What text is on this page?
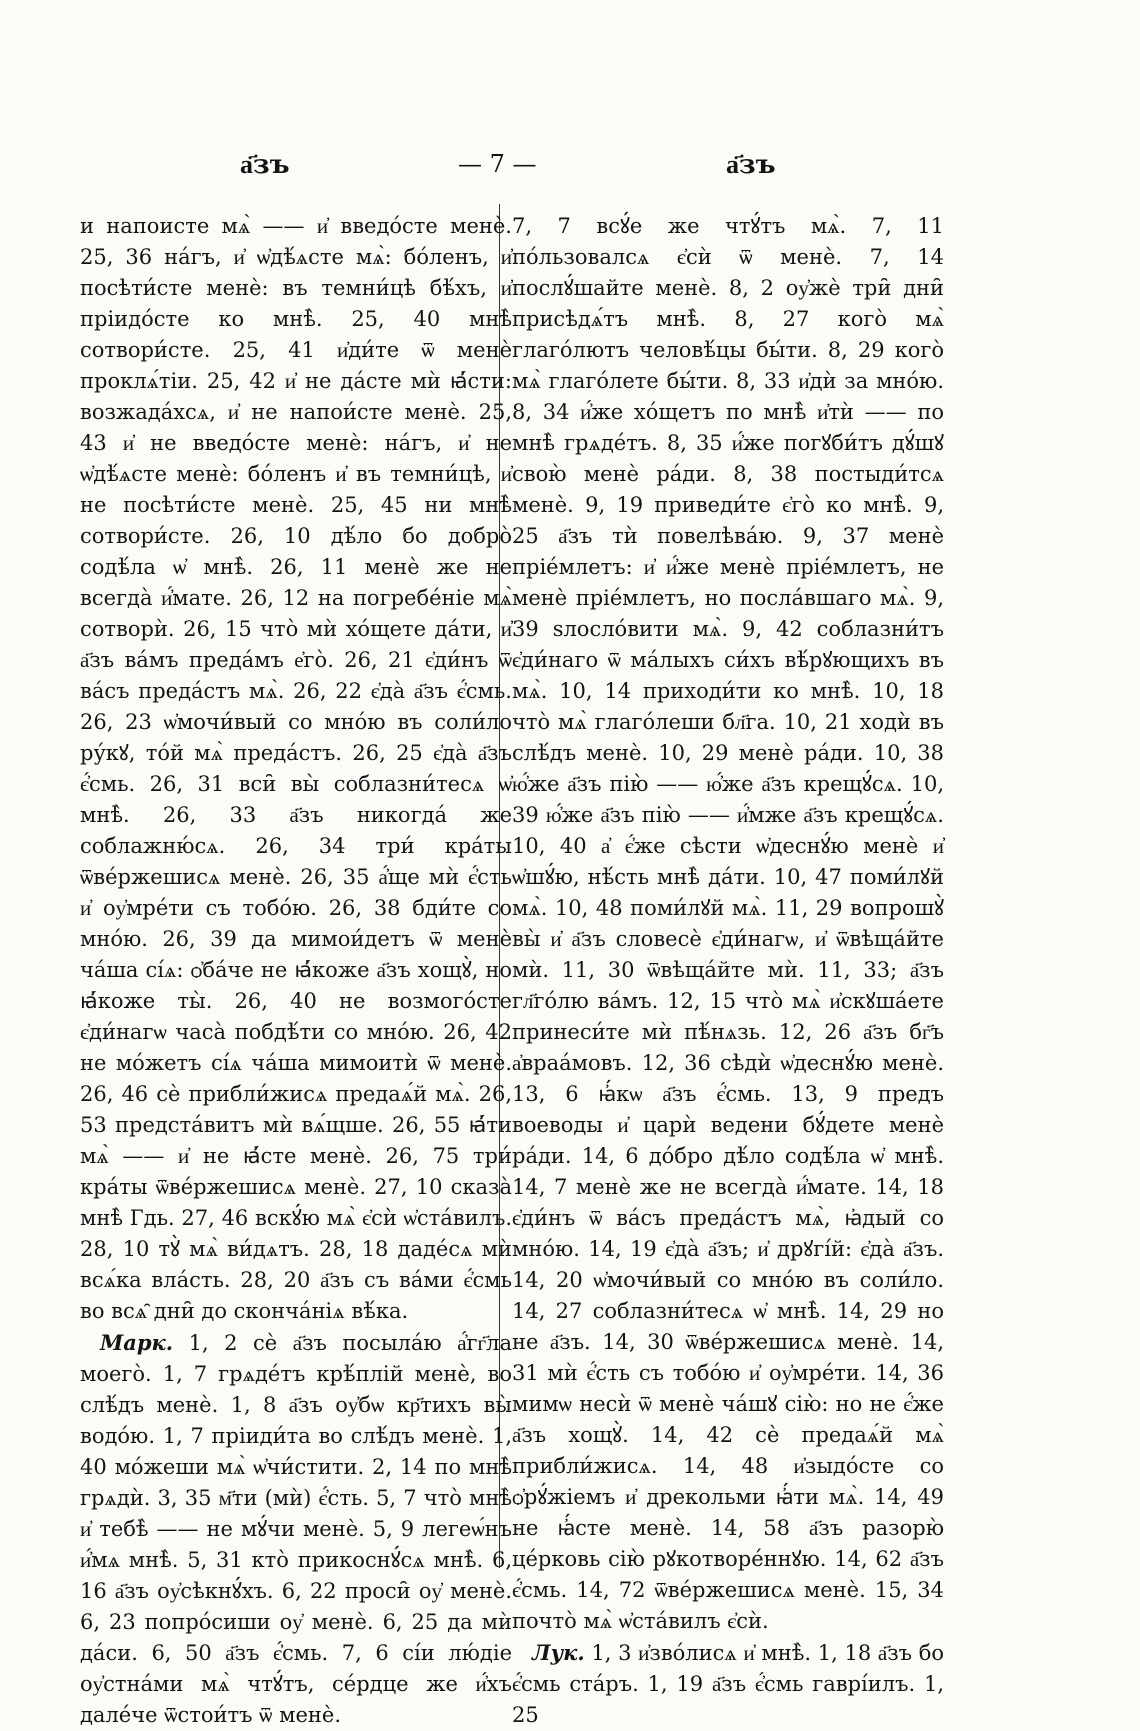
а҃зъ	— 7 —	а҃зъ

и напоисте мѧ̀ —— и҆ введо́сте менѐ. 25, 36 на́гъ, и҆ ѡ҆дѣ́ѧсте мѧ̀: бо́ленъ, и҆ посѣти́сте менѐ: въ темни́цѣ бѣ́хъ, и҆ пріидо́сте ко мнѣ̀. 25, 40 мнѣ̀ сотвори́сте. 25, 41 и҆ди́те ѿ менѐ проклѧ́тіи. 25, 42 и҆ не да́сте мѝ ꙗ҆́сти: возжада́хсѧ, и҆ не напои́сте менѐ. 25, 43 и҆ не введо́сте менѐ: на́гъ, и҆ не ѡ҆дѣ́ѧсте менѐ: бо́ленъ и҆ въ темни́цѣ, и҆ не посѣти́сте менѐ. 25, 45 ни мнѣ̀ сотвори́сте. 26, 10 дѣ́ло бо добро̀ содѣ́ла ѡ҆ мнѣ̀. 26, 11 менѐ же не всегда̀ и҆́мате. 26, 12 на погребе́ніе мѧ̀ сотворѝ. 26, 15 что̀ мѝ хо́щете да́ти, и҆ а҃зъ ва́мъ преда́мъ е҆го̀. 26, 21 є҆ди́нъ ѿ ва́съ преда́стъ мѧ̀. 26, 22 є҆да̀ а҃зъ є҆́смь. 26, 23 ѡ҆мочи́вый со мно́ю въ соли́ло ру́кꙋ, то́й мѧ̀ преда́стъ. 26, 25 є҆да̀ а҃зъ є҆́смь. 26, 31 вси̑ вы̀ соблазни́тесѧ ѡ҆ мнѣ̀. 26, 33 а҃зъ никогда́ же соблажню́сѧ. 26, 34 три́ кра́ты ѿве́ржешисѧ менѐ. 26, 35 а҆́ще мѝ є҆́сть и҆ оу҆мре́ти съ тобо́ю. 26, 38 бди́те со мно́ю. 26, 39 да мимои́детъ ѿ менѐ ча́ша сі́ѧ: ѻ҆ба́че не ꙗ҆́коже а҃зъ хощꙋ̀, но ꙗ҆́коже ты̀. 26, 40 не возмого́сте є҆ди́нагѡ часа̀ побдѣ́ти со мно́ю. 26, 42 не мо́жетъ сі́ѧ ча́ша мимоитѝ ѿ менѐ. 26, 46 сѐ прибли́жисѧ предаѧ́й мѧ̀. 26, 53 предста́витъ мѝ вѧ́щше. 26, 55 ꙗ҆́ти мѧ̀ —— и҆ не ꙗ҆́сте менѐ. 26, 75 три́ кра́ты ѿве́ржешисѧ менѐ. 27, 10 сказа̀ мнѣ̀ Гдь. 27, 46 вскꙋ́ю мѧ̀ є҆сѝ ѡ҆ста́вилъ. 28, 10 тꙋ̀ мѧ̀ ви́дѧтъ. 28, 18 даде́сѧ мѝ всѧ́ка вла́сть. 28, 20 а҃зъ съ ва́ми є҆́смь во всѧ̑ дни̑ до сконча́ніѧ вѣ́ка.

Марк. 1, 2 сѐ а҃зъ посыла́ю а҆́гг҃ла моего̀. 1, 7 грѧде́тъ крѣ́плій менѐ, во слѣ́дъ менѐ. 1, 8 а҃зъ оу҆бѡ кр҃тихъ вы̀ водо́ю. 1, 7 пріиди́та во слѣ́дъ менѐ. 1, 40 мо́жеши мѧ̀ ѡ҆чи́стити. 2, 14 по мнѣ̀ грѧдѝ. 3, 35 м҃ти (мѝ) є҆́сть. 5, 7 что̀ мнѣ̀ и҆ тебѣ̀ —— не мꙋ́чи менѐ. 5, 9 легеѡ́нъ и҆́мѧ мнѣ̀. 5, 31 кто̀ прикоснꙋ́сѧ мнѣ̀. 6, 16 а҃зъ оу҆сѣкнꙋ́хъ. 6, 22 проси̑ оу҆ менѐ. 6, 23 попро́сиши оу҆ менѐ. 6, 25 да мѝ да́си. 6, 50 а҃зъ є҆́смь. 7, 6 сі́и лю́діе оу҆стна́ми мѧ̀ чтꙋ́тъ, се́рдце же и҆́хъ дале́че ѿстои́тъ ѿ менѐ.

7, 7 всꙋ́е же чтꙋ́тъ мѧ̀. 7, 11 по́льзовалсѧ є҆сѝ ѿ менѐ. 7, 14 послꙋ́шайте менѐ. 8, 2 оу҆жѐ три̑ дни̑ присѣдѧ́тъ мнѣ̀. 8, 27 кого̀ мѧ̀ глаго́лютъ человѣ́цы бы́ти. 8, 29 кого̀ мѧ̀ глаго́лете бы́ти. 8, 33 и҆дѝ за мно́ю. 8, 34 и҆́же хо́щетъ по мнѣ̀ и҆тѝ —— по мнѣ̀ грѧде́тъ. 8, 35 и҆́же погꙋби́тъ дꙋ́шꙋ свою̀ менѐ ра́ди. 8, 38 постыди́тсѧ менѐ. 9, 19 приведи́те є҆го̀ ко мнѣ̀. 9, 25 а҃зъ тѝ повелѣва́ю. 9, 37 менѐ пріе́млетъ: и҆ и҆́же менѐ пріе́млетъ, не менѐ пріе́млетъ, но посла́вшаго мѧ̀. 9, 39 ѕлосло́вити мѧ̀. 9, 42 соблазни́тъ є҆ди́наго ѿ ма́лыхъ си́хъ вѣ́рꙋющихъ въ мѧ̀. 10, 14 приходи́ти ко мнѣ̀. 10, 18 что̀ мѧ̀ глаго́леши бл҃га. 10, 21 ходѝ въ слѣ́дъ менѐ. 10, 29 менѐ ра́ди. 10, 38 ю҆́же а҃зъ пію̀ —— ю҆́же а҃зъ крещꙋ́сѧ. 10, 39 ю҆́же а҃зъ пію̀ —— и҆́мже а҃зъ крещꙋ́сѧ. 10, 40 а҆ є҆́же сѣсти ѡ҆деснꙋ́ю менѐ и҆ ѡ҆шꙋ́ю, нѣ́сть мнѣ̀ да́ти. 10, 47 поми́лꙋй мѧ̀. 10, 48 поми́лꙋй мѧ̀. 11, 29 вопрошꙋ̀ вы̀ и҆ а҃зъ словесѐ є҆ди́нагѡ, и҆ ѿвѣща́йте мѝ. 11, 30 ѿвѣща́йте мѝ. 11, 33; а҃зъ гл҃го́лю ва́мъ. 12, 15 что̀ мѧ̀ и҆скꙋша́ете принеси́те мѝ пѣ́нѧзь. 12, 26 а҃зъ бг҃ъ а҆враа́мовъ. 12, 36 сѣдѝ ѡ҆деснꙋ́ю менѐ. 13, 6 ꙗ҆́кѡ а҃зъ є҆́смь. 13, 9 предъ воеводы и҆ царѝ ведени бꙋ́дете менѐ ра́ди. 14, 6 до́бро дѣ́ло содѣ́ла ѡ҆ мнѣ̀. 14, 7 менѐ же не всегда̀ и҆́мате. 14, 18 є҆ди́нъ ѿ ва́съ преда́стъ мѧ̀, ꙗ҆дый со мно́ю. 14, 19 є҆да̀ а҃зъ; и҆ дрꙋгі́й: є҆да̀ а҃зъ. 14, 20 ѡ҆мочи́вый со мно́ю въ соли́ло. 14, 27 соблазни́тесѧ ѡ҆ мнѣ̀. 14, 29 но не а҃зъ. 14, 30 ѿве́ржешисѧ менѐ. 14, 31 мѝ є҆́сть съ тобо́ю и҆ оу҆мре́ти. 14, 36 мимѡ несѝ ѿ менѐ ча́шꙋ сію̀: но не є҆́же а҃зъ хощꙋ̀. 14, 42 сѐ предаѧ́й мѧ̀ прибли́жисѧ. 14, 48 и҆зыдо́сте со ѻ҆рꙋ́жіемъ и҆ дрекольми ꙗ҆́ти мѧ̀. 14, 49 не ꙗ҆́сте менѐ. 14, 58 а҃зъ разорю̀ це́рковь сію̀ рꙋкотворе́ннꙋю. 14, 62 а҃зъ є҆́смь. 14, 72 ѿве́ржешисѧ менѐ. 15, 34 почто̀ мѧ̀ ѡ҆ста́вилъ є҆сѝ.

Лук. 1, 3 и҆зво́лисѧ и҆ мнѣ̀. 1, 18 а҃зъ бо є҆́смь ста́ръ. 1, 19 а҃зъ є҆́смь гаврі́илъ. 1, 25
